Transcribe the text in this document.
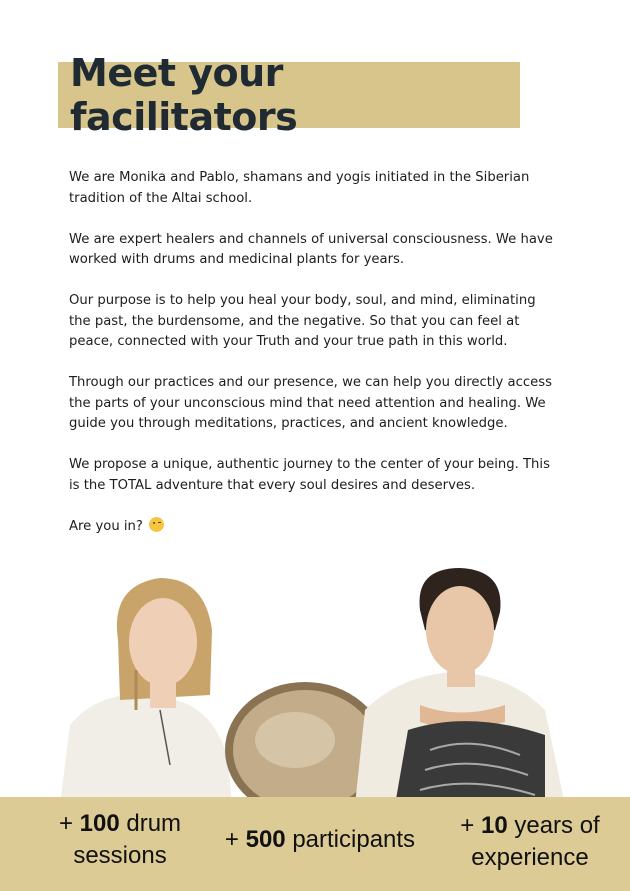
Meet your facilitators

We are Monika and Pablo, shamans and yogis initiated in the Siberian tradition of the Altai school.

We are expert healers and channels of universal consciousness. We have worked with drums and medicinal plants for years.

Our purpose is to help you heal your body, soul, and mind, eliminating the past, the burdensome, and the negative. So that you can feel at peace, connected with your Truth and your true path in this world.

Through our practices and our presence, we can help you directly access the parts of your unconscious mind that need attention and healing. We guide you through meditations, practices, and ancient knowledge.

We propose a unique, authentic journey to the center of your being. This is the TOTAL adventure that every soul desires and deserves.

Are you in?

+ 100 drum
sessions
+ 500 participants
+ 10 years of
experience
